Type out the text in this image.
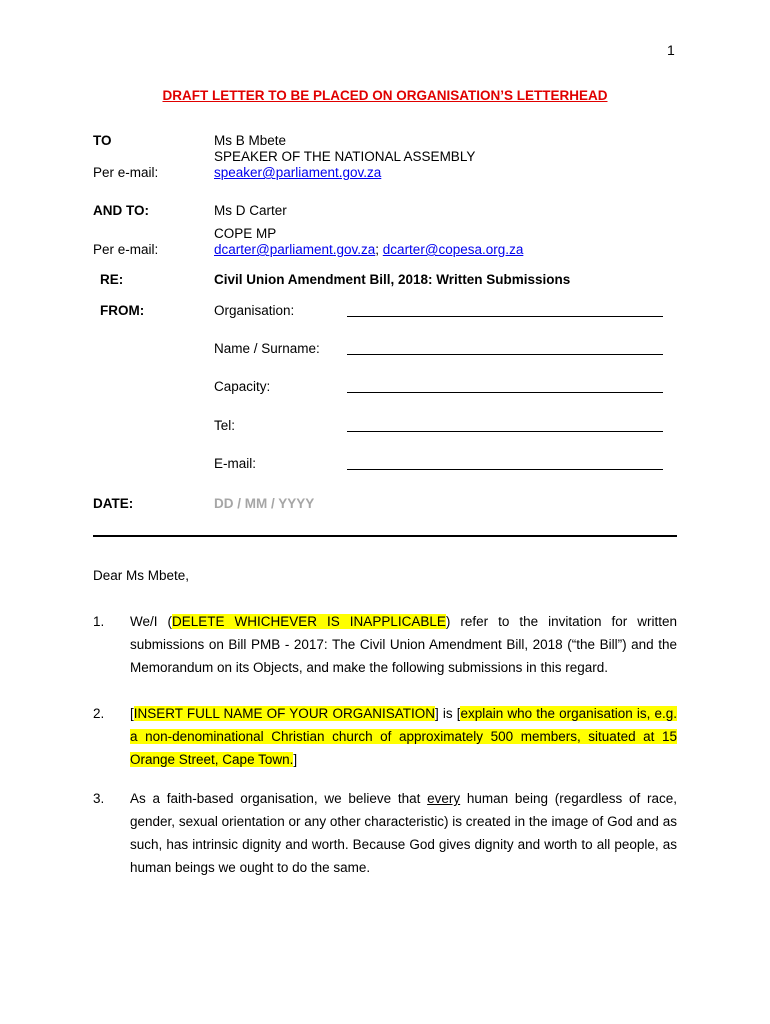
1
DRAFT LETTER TO BE PLACED ON ORGANISATION’S LETTERHEAD
TO	Ms B Mbete
SPEAKER OF THE NATIONAL ASSEMBLY
Per e-mail:	speaker@parliament.gov.za
AND TO:	Ms D Carter
COPE MP
Per e-mail:	dcarter@parliament.gov.za; dcarter@copesa.org.za
RE:	Civil Union Amendment Bill, 2018: Written Submissions
FROM:	Organisation:
Name / Surname:
Capacity:
Tel:
E-mail:
DATE:	DD / MM / YYYY
Dear Ms Mbete,
1. We/I (DELETE WHICHEVER IS INAPPLICABLE) refer to the invitation for written submissions on Bill PMB - 2017: The Civil Union Amendment Bill, 2018 (“the Bill”) and the Memorandum on its Objects, and make the following submissions in this regard.
2. [INSERT FULL NAME OF YOUR ORGANISATION] is [explain who the organisation is, e.g. a non-denominational Christian church of approximately 500 members, situated at 15 Orange Street, Cape Town.]
3. As a faith-based organisation, we believe that every human being (regardless of race, gender, sexual orientation or any other characteristic) is created in the image of God and as such, has intrinsic dignity and worth. Because God gives dignity and worth to all people, as human beings we ought to do the same.
